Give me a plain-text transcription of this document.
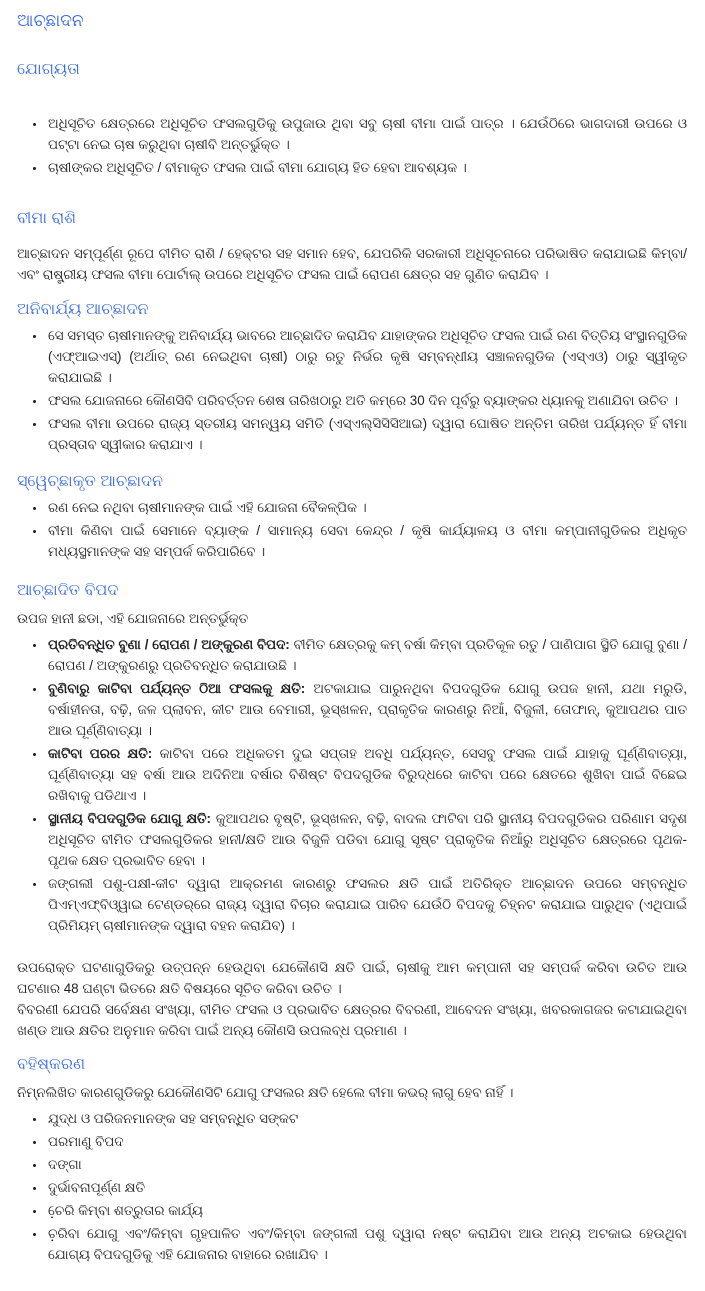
ଆଚ୍ଛାଦନ
ଯୋଗ୍ୟତା
• ଅଧିସୂଚିତ କ୍ଷେତ୍ରରେ ଅଧିସୂଚିତ ଫସଲଗୁଡିକୁ ଉପୁଜାଉ ଥିବା ସବୁ ଚାଷୀ ବୀମା ପାଇଁ ପାତ୍ର । ଯେଉଁଠିରେ ଭାଗଦାରୀ ଉପରେ ଓ ପଟ୍ଟା ନେଇ ଚାଷ କରୁଥିବା ଚାଷୀବି ଅନ୍ତର୍ଭୁକ୍ତ ।
• ଚାଷୀଙ୍କର ଅଧିସୂଚିତ / ବୀମାକୃତ ଫସଲ ପାଇଁ ବୀମା ଯୋଗ୍ୟ ହିତ ହେବା ଆବଶ୍ୟକ ।
ବୀମା ରାଶି

ଆଚ୍ଛାଦନ ସମ୍ପୂର୍ଣ୍ଣ ରୂପେ ବୀମିତ ରାଶି / ହେକ୍ଟର ସହ ସମାନ ହେବ, ଯେପରିକି ସରକାରୀ ଅଧିସୂଚନାରେ ପରିଭାଷିତ କରାଯାଇଛି କିମ୍ବା/ଏବଂ ରାଷ୍ଟ୍ରୀୟ ଫସଲ ବୀମା ପୋର୍ଟାଲ୍ ଉପରେ ଅଧିସୂଚିତ ଫସଲ ପାଇଁ ରୋପଣ କ୍ଷେତ୍ର ସହ ଗୁଣିତ କରାଯିବ ।

ଅନିବାର୍ଯ୍ୟ ଆଚ୍ଛାଦନ
• ସେ ସମସ୍ତ ଚାଷୀମାନଙ୍କୁ ଅନିବାର୍ଯ୍ୟ ଭାବରେ ଆଚ୍ଛାଦିତ କରାଯିବ ଯାହାଙ୍କର ଅଧିସୂଚିତ ଫସଲ ପାଇଁ ରଣ ବିତ୍ତିୟ ସଂସ୍ଥାନଗୁଡିକ (ଏଫ୍ଆଇଏସ୍) (ଅର୍ଥାତ୍ ରଣ ନେଇଥିବା ଚାଷୀ) ଠାରୁ ରତୁ ନିର୍ଭର କୃଷି ସମ୍ବନ୍ଧୀୟ ସଞ୍ଚାଳନଗୁଡିକ (ଏସ୍ଏଓ) ଠାରୁ ସ୍ୱୀକୃତ କରାଯାଇଛି ।
• ଫସଲ ଯୋଜନାରେ କୌଣସିବି ପରିବର୍ତ୍ତନ ଶେଷ ତାରିଖଠାରୁ ଅତି କମ୍‌ରେ 30 ଦିନ ପୂର୍ବରୁ ବ୍ୟାଙ୍କର ଧ୍ୟାନକୁ ଅଣାଯିବା ଉଚିତ ।
• ଫସଲ ବୀମା ଉପରେ ରାଜ୍ୟ ସ୍ତରୀୟ ସମନ୍ୱୟ ସମିତି (ଏସ୍ଏଲ୍‌ସିସିସିଆଇ) ଦ୍ୱାରା ଘୋଷିତ ଅନ୍ତିମ ତାରିଖ ପର୍ଯ୍ୟନ୍ତ ହିଁ ବୀମା ପ୍ରସ୍ତାବ ସ୍ୱୀକାର କରାଯାଏ ।
ସ୍ୱେଚ୍ଛାକୃତ ଆଚ୍ଛାଦନ
• ରଣ ନେଇ ନଥିବା ଚାଷୀମାନଙ୍କ ପାଇଁ ଏହି ଯୋଜନା ବୈକଳ୍ପିକ ।
• ବୀମା କିଣିବା ପାଇଁ ସେମାନେ ବ୍ୟାଙ୍କ / ସାମାନ୍ୟ ସେବା କେନ୍ଦ୍ର / କୃଷି କାର୍ଯ୍ୟାଳୟ ଓ ବୀମା କମ୍ପାନୀଗୁଡିକର ଅଧିକୃତ ମଧ୍ୟସ୍ଥମାନଙ୍କ ସହ ସମ୍ପର୍କ କରିପାରିବେ ।
ଆଚ୍ଛାଦିତ ବିପଦ

ଉପଜ ହାନୀ ଛଡା, ଏହି ଯୋଜନାରେ ଅନ୍ତର୍ଭୁକ୍ତ

• ପ୍ରତିବନ୍ଧିତ ବୁଣା / ରୋପଣ / ଅଙ୍କୁରଣ ବିପଦ: ବୀମିତ କ୍ଷେତ୍ରକୁ କମ୍ ବର୍ଷା କିମ୍ବା ପ୍ରତିକୂଳ ରତୁ / ପାଣିପାଗ ସ୍ଥିତି ଯୋଗୁ ବୁଣା / ରୋପଣ / ଅଙ୍କୁରଣରୁ ପ୍ରତିବନ୍ଧିତ କରାଯାଉଛି ।
• ବୁଣିବାରୁ କାଟିବା ପର୍ଯ୍ୟନ୍ତ ଠିଆ ଫସଲକୁ କ୍ଷତି: ଅଟକାଯାଇ ପାରୁନଥିବା ବିପଦଗୁଡିକ ଯୋଗୁ ଉପଜ ହାନୀ, ଯଥା ମରୁଡି, ବର୍ଷାହୀନତା, ବଢ଼ି, ଜଳ ପ୍ଲାବନ, କୀଟ ଆଉ ବେମାରୀ, ଭୂସ୍ଖଳନ, ପ୍ରାକୃତିକ କାରଣରୁ ନିଆଁ, ବିଜୁଳୀ, ତୋଫାନ୍, କୁଆପଥର ପାତ ଆଉ ଘୂର୍ଣ୍ଣିବାତ୍ୟା ।
• କାଟିବା ପରର କ୍ଷତି: କାଟିବା ପରେ ଅଧିକତମ ଦୁଇ ସପ୍ତାହ ଅବଧି ପର୍ଯ୍ୟନ୍ତ, ସେସବୁ ଫସଲ ପାଇଁ ଯାହାକୁ ଘୂର୍ଣ୍ଣିବାତ୍ୟା, ଘୂର୍ଣ୍ଣିବାତ୍ୟା ସହ ବର୍ଷା ଆଉ ଅଦିନିଆ ବର୍ଷାର ବିଶିଷ୍ଟ ବିପଦଗୁଡିକ ବିରୁଦ୍ଧରେ କାଟିବା ପରେ କ୍ଷେତରେ ଶୁଖିବା ପାଇଁ ବିଛେଇ ରଖିବାକୁ ପଡିଥାଏ ।
• ସ୍ଥାନୀୟ ବିପଦଗୁଡିକ ଯୋଗୁ କ୍ଷତି: କୁଆପଥର ବୃଷ୍ଟି, ଭୂସ୍ଖଳନ, ବଢ଼ି, ବାଦଲ ଫାଟିବା ପରି ସ୍ଥାନୀୟ ବିପଦଗୁଡିକର ପରିଣାମ ସଦୃଶ ଅଧିସୂଚିତ ବୀମିତ ଫସଲଗୁଡିକର ହାନୀ/କ୍ଷତି ଆଉ ବିଜୁଳି ପଡିବା ଯୋଗୁ ସୃଷ୍ଟ ପ୍ରାକୃତିକ ନିଆଁରୁ ଅଧିସୂଚିତ କ୍ଷେତ୍ରରେ ପୃଥକ-ପୃଥକ କ୍ଷେତ ପ୍ରଭାବିତ ହେବା ।
• ଜଙ୍ଗଲୀ ପଶୁ-ପକ୍ଷୀ-କୀଟ ଦ୍ୱାରା ଆକ୍ରମଣ କାରଣରୁ ଫସଲର କ୍ଷତି ପାଇଁ ଅତିରିକ୍ତ ଆଚ୍ଛାଦନ ଉପରେ ସମ୍ବନ୍ଧିତ ପିଏମ୍ଏଫ୍‌ବିଓ୍ୱାଇ ଟେଣ୍ଡର୍‌ରେ ରାଜ୍ୟ ଦ୍ୱାରା ବିଚାର କରାଯାଇ ପାରିବ ଯେଉଁଠି ବିପଦକୁ ଚିହ୍ନଟ କରାଯାଇ ପାରୁଥିବ (ଏଥିପାଇଁ ପ୍ରିମିୟମ୍ ଚାଷୀମାନଙ୍କ ଦ୍ୱାରା ବହନ କରାଯିବ) ।

ଉପରୋକ୍ତ ଘଟଣାଗୁଡିକରୁ ଉତ୍ପନ୍ନ ହେଉଥିବା ଯେକୌଣସି କ୍ଷତି ପାଇଁ, ଚାଷୀକୁ ଆମ କମ୍ପାନୀ ସହ ସମ୍ପର୍କ କରିବା ଉଚିତ ଆଉ ଘଟଣାର 48 ଘଣ୍ଟା ଭିତରେ କ୍ଷତି ବିଷୟରେ ସୂଚିତ କରିବା ଉଚିତ ।

ବିବରଣୀ ଯେପରି ସର୍ବେକ୍ଷଣ ସଂଖ୍ୟା, ବୀମିତ ଫସଲ ଓ ପ୍ରଭାବିତ କ୍ଷେତ୍ରର ବିବରଣୀ, ଆବେଦନ ସଂଖ୍ୟା, ଖବରକାଗଜର କଟାଯାଇଥିବା ଖଣ୍ଡ ଆଉ କ୍ଷତିର ଅନୁମାନ କରିବା ପାଇଁ ଅନ୍ୟ କୌଣସି ଉପଲବ୍ଧ ପ୍ରମାଣ ।

ବହିଷ୍କରଣ

ନିମ୍ନଲିଖିତ କାରଣଗୁଡିକରୁ ଯେକୌଣସିଟି ଯୋଗୁ ଫସଲର କ୍ଷତି ହେଲେ ବୀମା କଭର୍ ଲାଗୁ ହେବ ନାହିଁ ।

• ଯୁଦ୍ଧ ଓ ପରିଜନମାନଙ୍କ ସହ ସମ୍ବନ୍ଧିତ ସଙ୍କଟ
• ପରମାଣୁ ବିପଦ
• ଦଙ୍ଗା
• ଦୁର୍ଭାବନାପୂର୍ଣ୍ଣ କ୍ଷତି
• ଚେ଼ରି କିମ୍ବା ଶତ୍ରୁତାର କାର୍ଯ୍ୟ
• ଚ଼ରିବା ଯୋଗୁ ଏବଂ/କିମ୍ବା ଗୃହପାଳିତ ଏବଂ/କିମ୍ବା ଜଙ୍ଗଲୀ ପଶୁ ଦ୍ୱାରା ନଷ୍ଟ କରାଯିବା ଆଉ ଅନ୍ୟ ଅଟକାଇ ହେଉଥିବା ଯୋଗ୍ୟ ବିପଦଗୁଡିକୁ ଏହି ଯୋଜନାର ବାହାରେ ରଖାଯିବ ।
